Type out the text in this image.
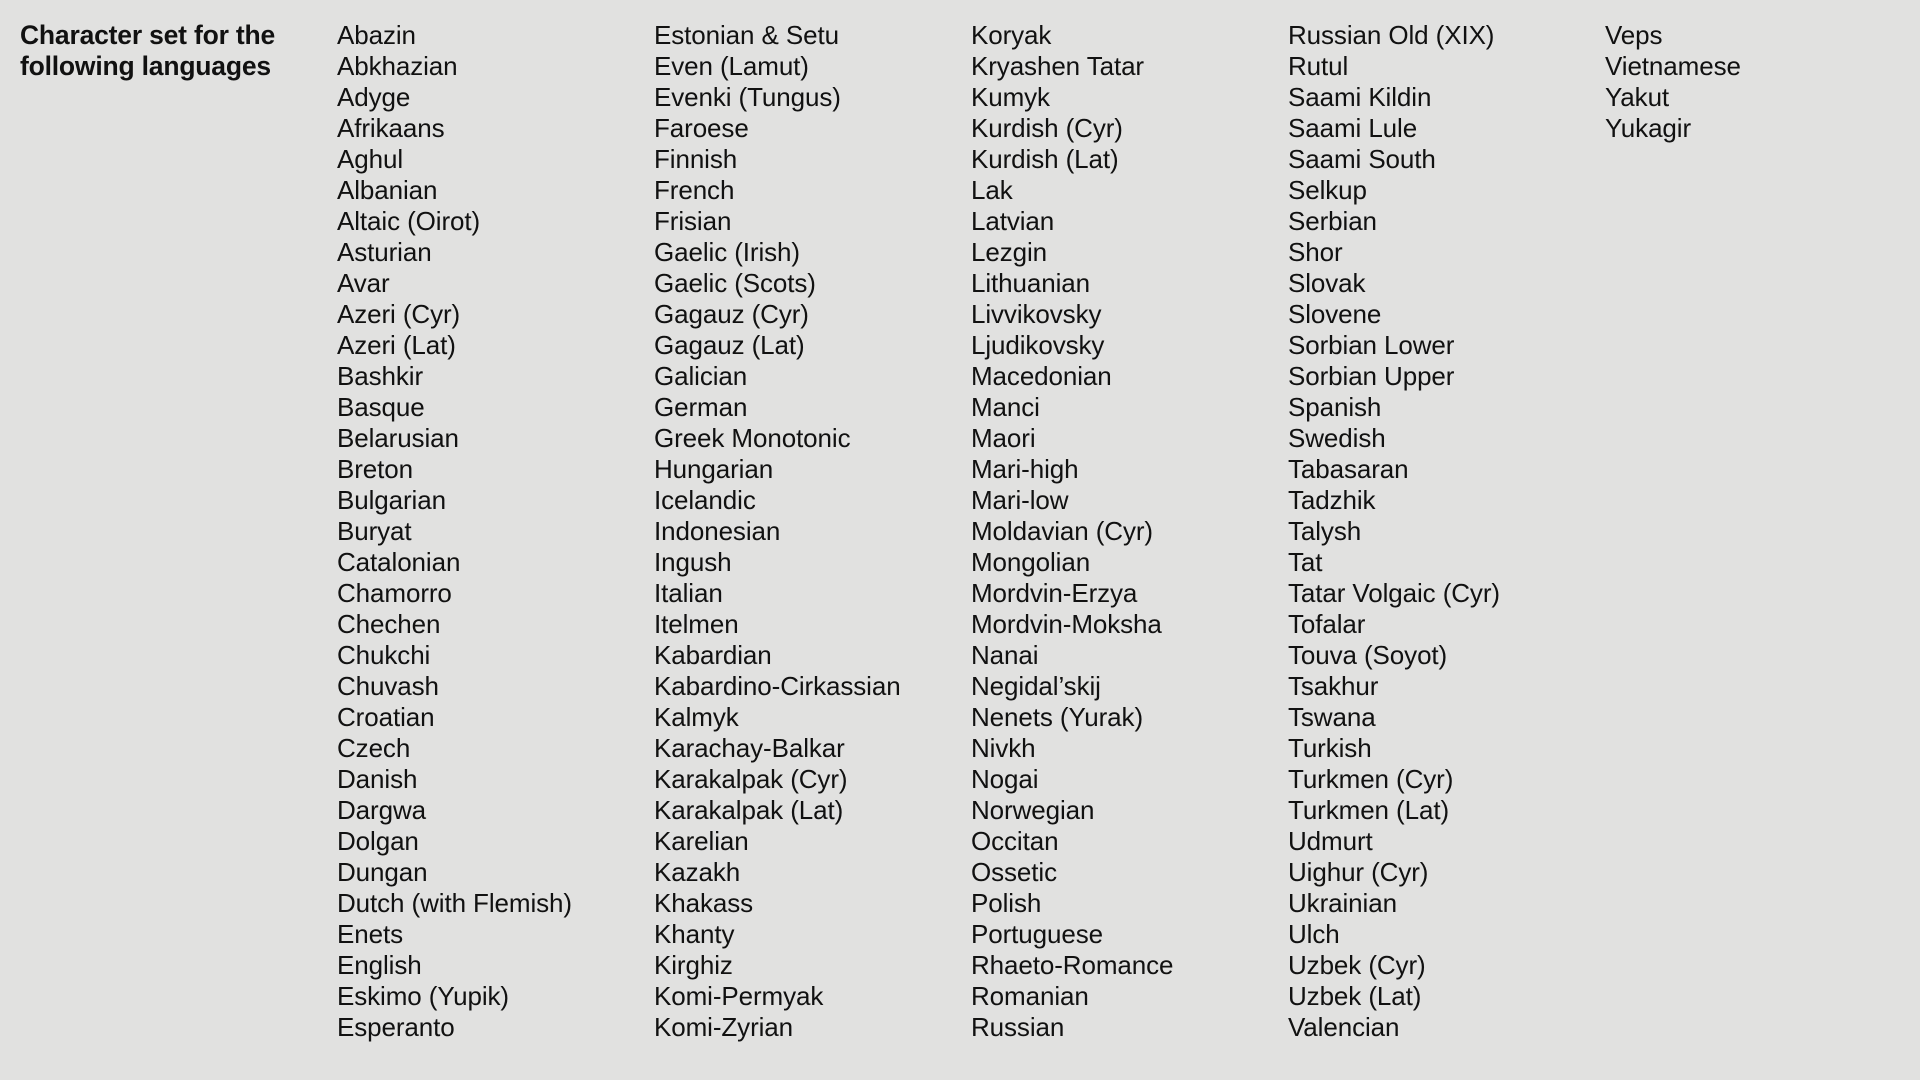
Character set for the following languages
Abazin
Abkhazian
Adyge
Afrikaans
Aghul
Albanian
Altaic (Oirot)
Asturian
Avar
Azeri (Cyr)
Azeri (Lat)
Bashkir
Basque
Belarusian
Breton
Bulgarian
Buryat
Catalonian
Chamorro
Chechen
Chukchi
Chuvash
Croatian
Czech
Danish
Dargwa
Dolgan
Dungan
Dutch (with Flemish)
Enets
English
Eskimo (Yupik)
Esperanto
Estonian & Setu
Even (Lamut)
Evenki (Tungus)
Faroese
Finnish
French
Frisian
Gaelic (Irish)
Gaelic (Scots)
Gagauz (Cyr)
Gagauz (Lat)
Galician
German
Greek Monotonic
Hungarian
Icelandic
Indonesian
Ingush
Italian
Itelmen
Kabardian
Kabardino-Cirkassian
Kalmyk
Karachay-Balkar
Karakalpak (Cyr)
Karakalpak (Lat)
Karelian
Kazakh
Khakass
Khanty
Kirghiz
Komi-Permyak
Komi-Zyrian
Koryak
Kryashen Tatar
Kumyk
Kurdish (Cyr)
Kurdish (Lat)
Lak
Latvian
Lezgin
Lithuanian
Livvikovsky
Ljudikovsky
Macedonian
Manci
Maori
Mari-high
Mari-low
Moldavian (Cyr)
Mongolian
Mordvin-Erzya
Mordvin-Moksha
Nanai
Negidal’skij
Nenets (Yurak)
Nivkh
Nogai
Norwegian
Occitan
Ossetic
Polish
Portuguese
Rhaeto-Romance
Romanian
Russian
Russian Old (XIX)
Rutul
Saami Kildin
Saami Lule
Saami South
Selkup
Serbian
Shor
Slovak
Slovene
Sorbian Lower
Sorbian Upper
Spanish
Swedish
Tabasaran
Tadzhik
Talysh
Tat
Tatar Volgaic (Cyr)
Tofalar
Touva (Soyot)
Tsakhur
Tswana
Turkish
Turkmen (Cyr)
Turkmen (Lat)
Udmurt
Uighur (Cyr)
Ukrainian
Ulch
Uzbek (Cyr)
Uzbek (Lat)
Valencian
Veps
Vietnamese
Yakut
Yukagir
